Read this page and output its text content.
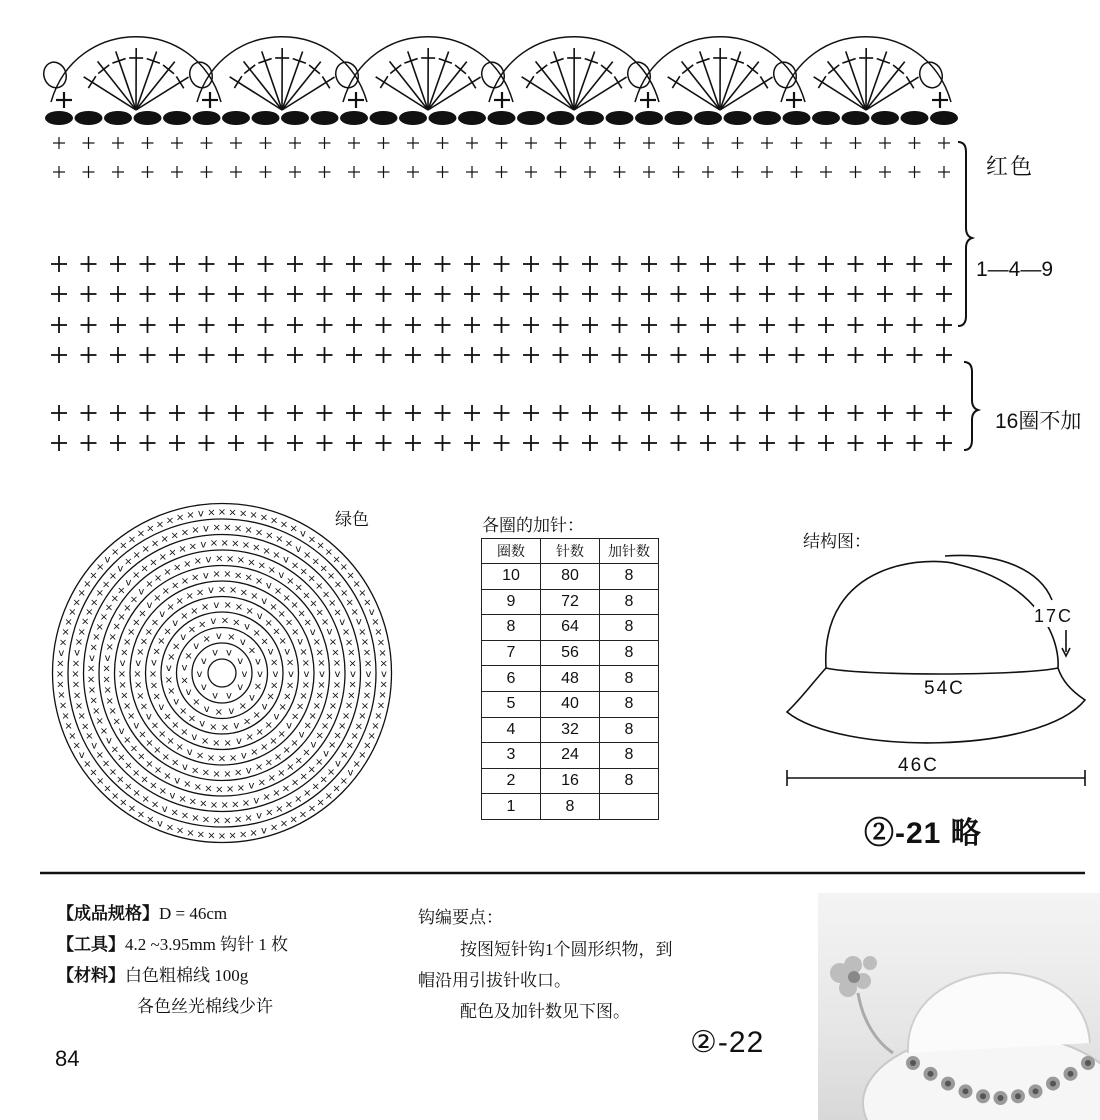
v
v
v
v
v
v
v
v v
v
v
×
v
×
v
×
v
×
v
×
v
×
v
× v × v
×
v
v
×
×
v
×
×
v
×
×
v
×
×
v
×
×
v
×
×
v
× × v × × v
×
×
v
×
v
×
×
×
v
×
×
×
v
×
×
×
v
×
×
×
v
×
×
×
v
×
×
×
v
× × × v × × × v
×
×
×
v
×
v
×
×
×
×
v
×
×
×
×
v
×
×
×
×
v
×
×
×
×
v
×
×
×
×
v
×
×
×
×
v
×
× × × v × × × × v
×
×
×
×
v
×
×
v
×
×
×
×
×
v
×
×
×
×
×
v
×
×
×
×
×
v
×
×
×
×
×
v
×
×
×
×
×
v
×
×
×
×
×
v
×
×
× × × v × × × × × v
×
×
×
×
×
v
×
×
×
v
×
×
×
×
×
×
v
×
×
×
×
×
×
v
×
×
×
×
×
×
v
×
×
×
×
×
×
v
×
×
×
×
×
×
v
×
×
×
×
×
×
v
×
×
× × × × v × × × × × × v
×
×
×
×
×
×
v
×
×
×
v
×
×
×
×
×
×
×
v
×
×
×
×
×
×
×
v
×
×
×
×
×
×
×
v
×
×
×
×
×
×
×
v
×
×
×
×
×
×
×
v
×
×
×
×
×
×
×
v
×
×
× × × × × v × × × × × × × v
×
×
×
×
×
×
×
v
×
×
×
×
v
×
×
×
×
×
×
×
×
v
×
×
×
×
×
×
×
×
v
×
×
×
×
×
×
×
×
v
×
×
×
×
×
×
×
×
v
×
×
×
×
×
×
×
×
v
×
×
×
×
×
×
×
×
v
×
×
× × × × × × v × × × × × × × × v
×
×
×
×
×
×
×
×
v
×
×
×
×
v
×
×
×
×
×
×
×
×
×
v
×
×
×
×
×
×
×
×
×
v
×
×
×
×
×
×
×
×
×
v
×
×
×
×
×
×
×
×
×
v
×
×
×
×
×
×
×
×
×
v
×
×
×
×
×
×
×
×
×
v
×
×
×
× × × × × × v × × × × × × × × × v
×
×
×
×
×
×
×
×
×
v
×
×
×
×
×
红色
1—4—9
16圈不加
绿色	各圈的加针：
圈数	针数	加针数
10	80	8
9	72	8
8	64	8
7	56	8
6	48	8
5	40	8
4	32	8
3	24	8
2	16	8
1	8	
结构图：
17C
54C
46C
②-21 略
【成品规格】D = 46cm
【工具】4.2 ~3.95mm 钩针 1 枚
【材料】白色粗棉线 100g
各色丝光棉线少许
钩编要点：
按图短针钩1个圆形织物，到
帽沿用引拔针收口。
配色及加针数见下图。
84	②-22
